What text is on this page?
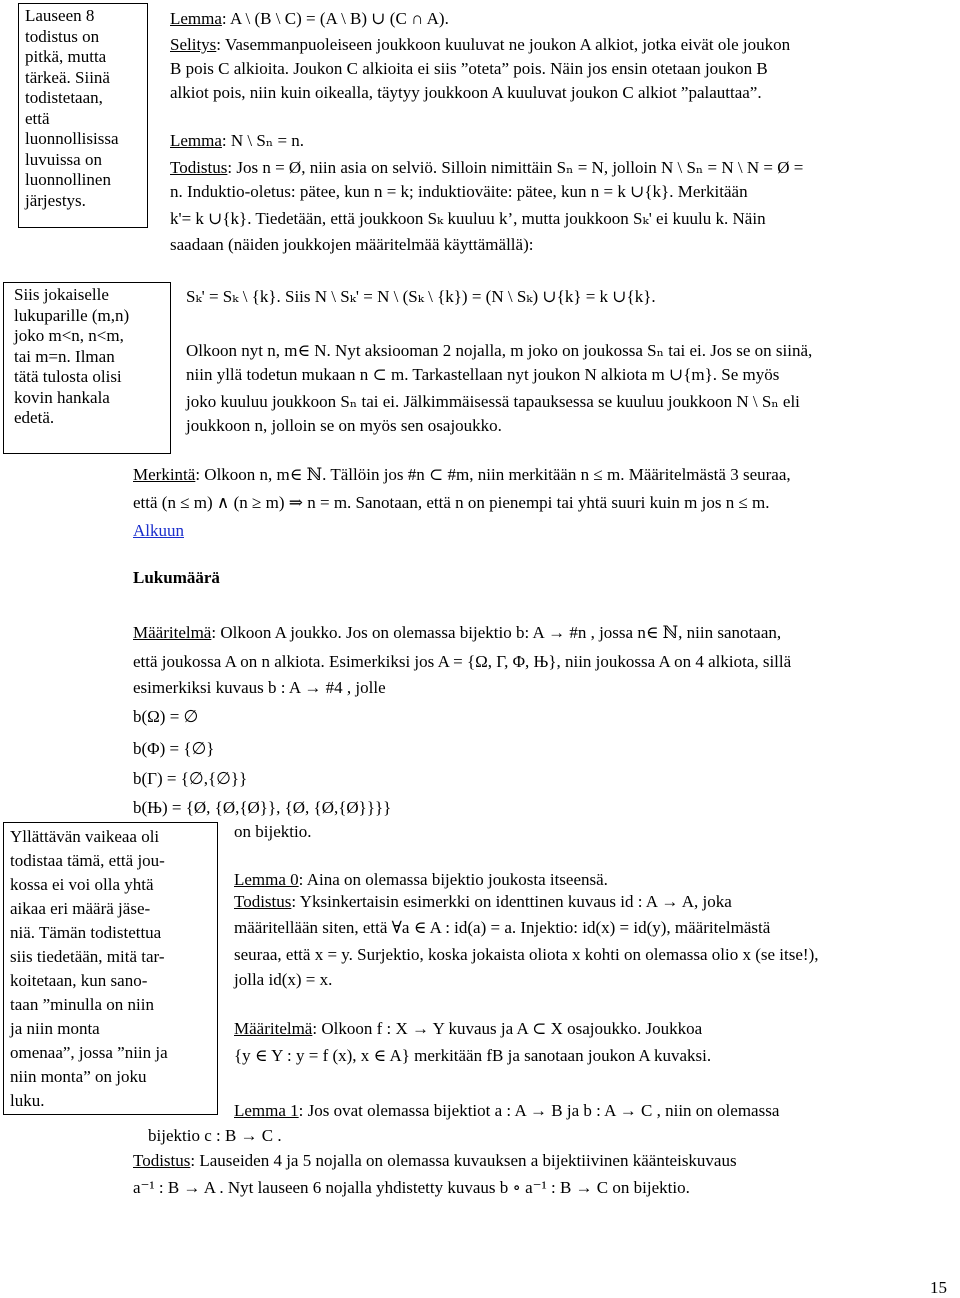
Lauseen 8
todistus on
pitkä, mutta
tärkeä. Siinä
todistetaan,
että
luonnollisissa
luvuissa on
luonnollinen
järjestys.
Siis jokaiselle
lukuparille (m,n)
joko m<n, n<m,
tai m=n. Ilman
tätä tulosta olisi
kovin hankala
edetä.
Yllättävän vaikeaa oli
todistaa tämä, että jou-
kossa ei voi olla yhtä
aikaa eri määrä jäse-
niä. Tämän todistettua
siis tiedetään, mitä tar-
koitetaan, kun sano-
taan ”minulla on niin
ja niin monta
omenaa”, jossa ”niin ja
niin monta” on joku
luku.
Lemma: A \ (B \ C) = (A \ B) ∪ (C ∩ A).
Selitys: Vasemmanpuoleiseen joukkoon kuuluvat ne joukon A alkiot, jotka eivät ole joukon
B pois C alkioita. Joukon C alkioita ei siis ”oteta” pois. Näin jos ensin otetaan joukon B
alkiot pois, niin kuin oikealla, täytyy joukkoon A kuuluvat joukon C alkiot ”palauttaa”.
Lemma: N \ Sₙ = n.
Todistus: Jos n = Ø, niin asia on selviö. Silloin nimittäin Sₙ = N, jolloin N \ Sₙ = N \ N = Ø =
n. Induktio-oletus: pätee, kun n = k; induktioväite: pätee, kun n = k ∪{k}. Merkitään
k'= k ∪{k}. Tiedetään, että joukkoon Sₖ kuuluu k’, mutta joukkoon Sₖ' ei kuulu k. Näin
saadaan (näiden joukkojen määritelmää käyttämällä):
Sₖ' = Sₖ \ {k}. Siis N \ Sₖ' = N \ (Sₖ \ {k}) = (N \ Sₖ) ∪{k} = k ∪{k}.
Olkoon nyt n, m∈ N. Nyt aksiooman 2 nojalla, m joko on joukossa Sₙ tai ei. Jos se on siinä,
niin yllä todetun mukaan n ⊂ m. Tarkastellaan nyt joukon N alkiota m ∪{m}. Se myös
joko kuuluu joukkoon Sₙ tai ei. Jälkimmäisessä tapauksessa se kuuluu joukkoon N \ Sₙ eli
joukkoon n, jolloin se on myös sen osajoukko.
Merkintä: Olkoon n, m∈ ℕ. Tällöin jos #n ⊂ #m, niin merkitään n ≤ m. Määritelmästä 3 seuraa,
että (n ≤ m) ∧ (n ≥ m) ⇒ n = m. Sanotaan, että n on pienempi tai yhtä suuri kuin m jos n ≤ m.
Alkuun
Lukumäärä
Määritelmä: Olkoon A joukko. Jos on olemassa bijektio b: A → #n , jossa n∈ ℕ, niin sanotaan,
että joukossa A on n alkiota. Esimerkiksi jos A = {Ω, Γ, Φ, Њ}, niin joukossa A on 4 alkiota, sillä
esimerkiksi kuvaus b : A → #4 , jolle
b(Ω) = ∅
b(Φ) = {∅}
b(Γ) = {∅,{∅}}
b(Њ) = {Ø, {Ø,{Ø}}, {Ø, {Ø,{Ø}}}}
on bijektio.
Lemma 0: Aina on olemassa bijektio joukosta itseensä.
Todistus: Yksinkertaisin esimerkki on identtinen kuvaus id : A → A, joka
määritellään siten, että ∀a ∈ A : id(a) = a. Injektio: id(x) = id(y), määritelmästä
seuraa, että x = y. Surjektio, koska jokaista oliota x kohti on olemassa olio x (se itse!),
jolla id(x) = x.
Määritelmä: Olkoon f : X → Y kuvaus ja A ⊂ X osajoukko. Joukkoa
{y ∈ Y : y = f (x), x ∈ A} merkitään fB ja sanotaan joukon A kuvaksi.
Lemma 1: Jos ovat olemassa bijektiot a : A → B ja b : A → C , niin on olemassa
bijektio c : B → C .
Todistus: Lauseiden 4 ja 5 nojalla on olemassa kuvauksen a bijektiivinen käänteiskuvaus
a⁻¹ : B → A . Nyt lauseen 6 nojalla yhdistetty kuvaus b ∘ a⁻¹ : B → C on bijektio.
15
